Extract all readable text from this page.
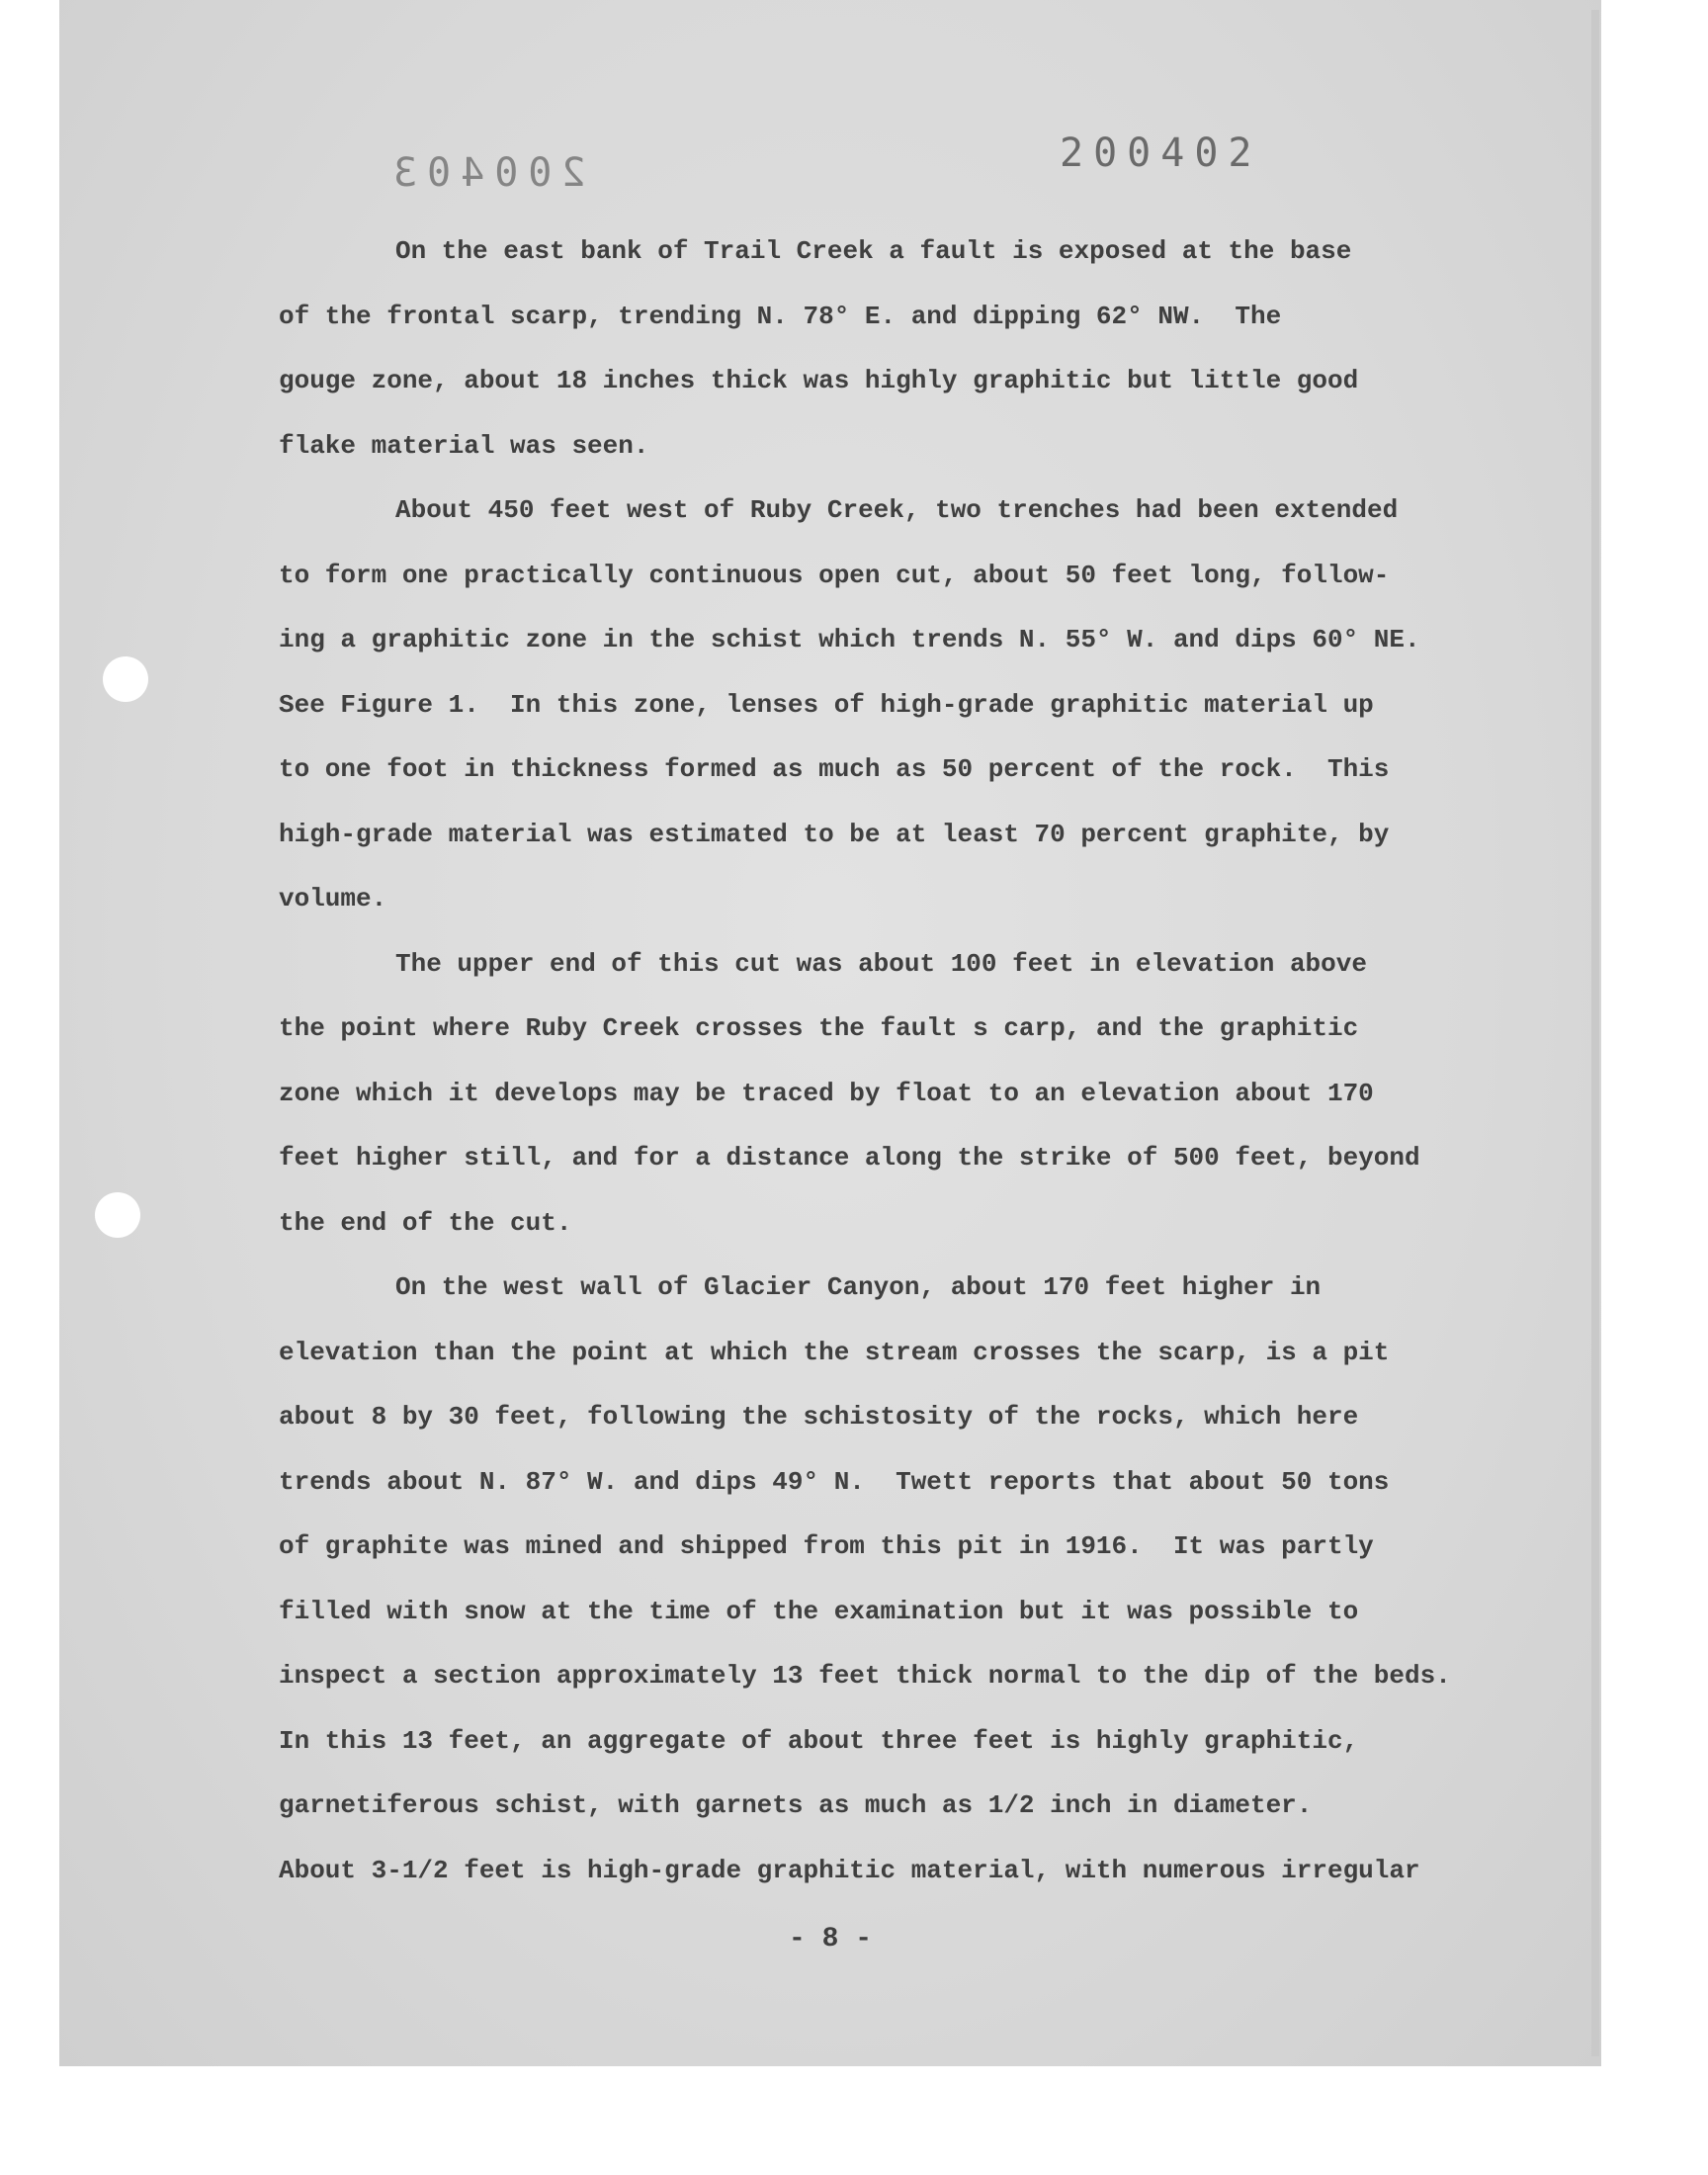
200403	200402

On the east bank of Trail Creek a fault is exposed at the base
of the frontal scarp, trending N. 78° E. and dipping 62° NW.  The
gouge zone, about 18 inches thick was highly graphitic but little good
flake material was seen.

About 450 feet west of Ruby Creek, two trenches had been extended
to form one practically continuous open cut, about 50 feet long, follow-
ing a graphitic zone in the schist which trends N. 55° W. and dips 60° NE.
See Figure 1.  In this zone, lenses of high-grade graphitic material up
to one foot in thickness formed as much as 50 percent of the rock.  This
high-grade material was estimated to be at least 70 percent graphite, by
volume.

The upper end of this cut was about 100 feet in elevation above
the point where Ruby Creek crosses the fault s carp, and the graphitic
zone which it develops may be traced by float to an elevation about 170
feet higher still, and for a distance along the strike of 500 feet, beyond
the end of the cut.

On the west wall of Glacier Canyon, about 170 feet higher in
elevation than the point at which the stream crosses the scarp, is a pit
about 8 by 30 feet, following the schistosity of the rocks, which here
trends about N. 87° W. and dips 49° N.  Twett reports that about 50 tons
of graphite was mined and shipped from this pit in 1916.  It was partly
filled with snow at the time of the examination but it was possible to
inspect a section approximately 13 feet thick normal to the dip of the beds.
In this 13 feet, an aggregate of about three feet is highly graphitic,
garnetiferous schist, with garnets as much as 1/2 inch in diameter.
About 3-1/2 feet is high-grade graphitic material, with numerous irregular

- 8 -
